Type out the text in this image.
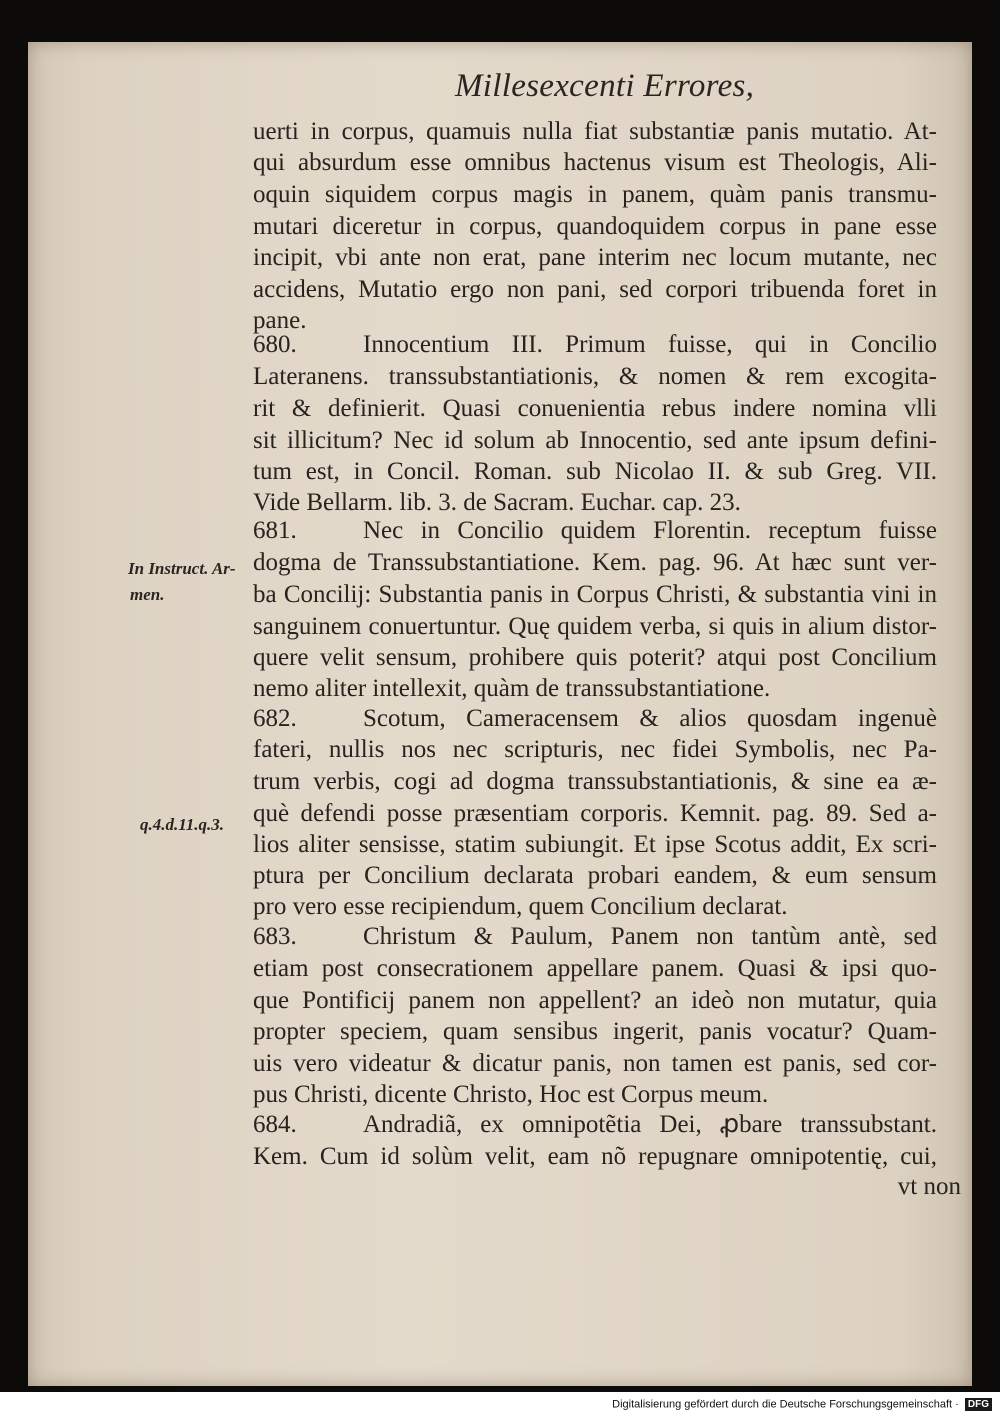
Millesexcenti Errores,
uerti in corpus, quamuis nulla fiat substantiæ panis mutatio. At-
qui absurdum esse omnibus hactenus visum est Theologis, Ali-
oquin siquidem corpus magis in panem, quàm panis transmu-
mutari diceretur in corpus, quandoquidem corpus in pane esse
incipit, vbi ante non erat, pane interim nec locum mutante, nec
accidens, Mutatio ergo non pani, sed corpori tribuenda foret in
pane.
680.	Innocentium III. Primum fuisse, qui in Concilio
Lateranens. transsubstantiationis, & nomen & rem excogita-
rit & definierit. Quasi conuenientia rebus indere nomina vlli
sit illicitum? Nec id solum ab Innocentio, sed ante ipsum defini-
tum est, in Concil. Roman. sub Nicolao II. & sub Greg. VII.
Vide Bellarm. lib. 3. de Sacram. Euchar. cap. 23.
681.	Nec in Concilio quidem Florentin. receptum fuisse
dogma de Transsubstantiatione. Kem. pag. 96. At hæc sunt ver-
ba Concilij: Substantia panis in Corpus Christi, & substantia vini in
sanguinem conuertuntur. Quę quidem verba, si quis in alium distor-
quere velit sensum, prohibere quis poterit? atqui post Concilium
nemo aliter intellexit, quàm de transsubstantiatione.
682.	Scotum, Cameracensem & alios quosdam ingenuè
fateri, nullis nos nec scripturis, nec fidei Symbolis, nec Pa-
trum verbis, cogi ad dogma transsubstantiationis, & sine ea æ-
què defendi posse præsentiam corporis. Kemnit. pag. 89. Sed a-
lios aliter sensisse, statim subiungit. Et ipse Scotus addit, Ex scri-
ptura per Concilium declarata probari eandem, & eum sensum
pro vero esse recipiendum, quem Concilium declarat.
683.	Christum & Paulum, Panem non tantùm antè, sed
etiam post consecrationem appellare panem. Quasi & ipsi quo-
que Pontificij panem non appellent? an ideò non mutatur, quia
propter speciem, quam sensibus ingerit, panis vocatur? Quam-
uis vero videatur & dicatur panis, non tamen est panis, sed cor-
pus Christi, dicente Christo, Hoc est Corpus meum.
684.	Andradiã, ex omnipotẽtia Dei, ꝓbare transsubstant.
Kem. Cum id solùm velit, eam nõ repugnare omnipotentię, cui,
vt non
In Instruct. Ar-
men.
q.4.d.11.q.3.
Digitalisierung gefördert durch die Deutsche Forschungsgemeinschaft · DFG
